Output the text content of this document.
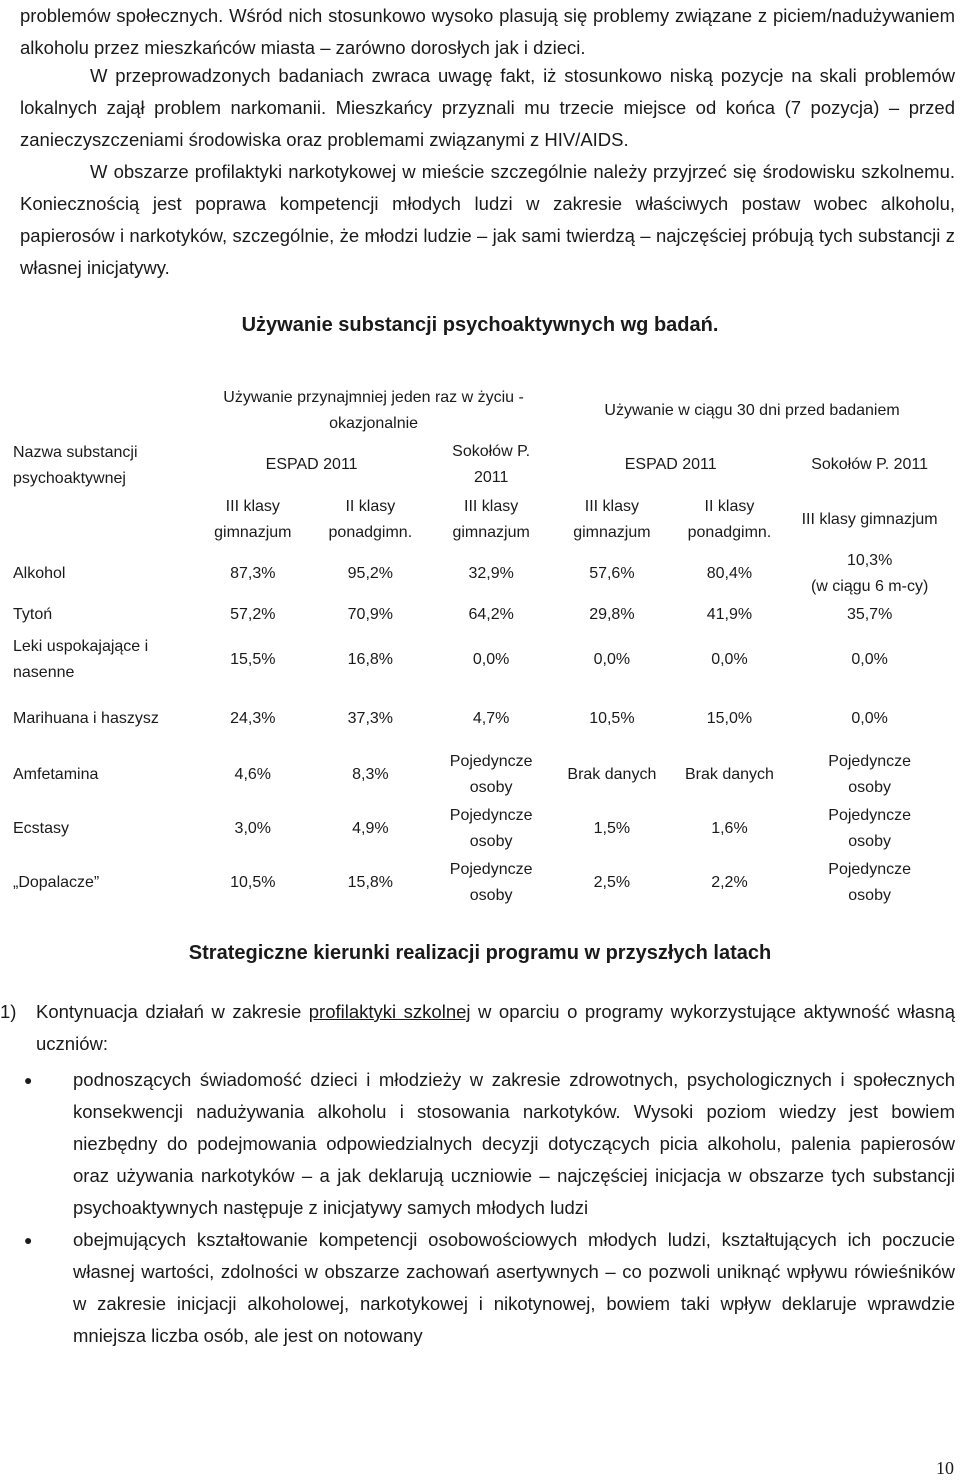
problemów społecznych. Wśród nich stosunkowo wysoko plasują się problemy związane z piciem/nadużywaniem alkoholu przez mieszkańców miasta – zarówno dorosłych jak i dzieci.

W przeprowadzonych badaniach zwraca uwagę fakt, iż stosunkowo niską pozycje na skali problemów lokalnych zajął problem narkomanii. Mieszkańcy przyznali mu trzecie miejsce od końca (7 pozycja) – przed zanieczyszczeniami środowiska oraz problemami związanymi z HIV/AIDS.

W obszarze profilaktyki narkotykowej w mieście szczególnie należy przyjrzeć się środowisku szkolnemu. Koniecznością jest poprawa kompetencji młodych ludzi w zakresie właściwych postaw wobec alkoholu, papierosów i narkotyków, szczególnie, że młodzi ludzie – jak sami twierdzą – najczęściej próbują tych substancji z własnej inicjatywy.

Używanie substancji psychoaktywnych wg badań.

Nazwa substancji psychoaktywnej	Używanie przynajmniej jeden raz w życiu - okazjonalnie			Używanie w ciągu 30 dni przed badaniem		
	ESPAD 2011		Sokołów P. 2011	ESPAD 2011		Sokołów P. 2011
	III klasy gimnazjum	II klasy ponadgimn.	III klasy gimnazjum	III klasy gimnazjum	II klasy ponadgimn.	III klasy gimnazjum
Alkohol	87,3%	95,2%	32,9%	57,6%	80,4%	10,3%
(w ciągu 6 m-cy)
Tytoń	57,2%	70,9%	64,2%	29,8%	41,9%	35,7%
Leki uspokajające i nasenne	15,5%	16,8%	0,0%	0,0%	0,0%	0,0%
Marihuana i haszysz	24,3%	37,3%	4,7%	10,5%	15,0%	0,0%
Amfetamina	4,6%	8,3%	Pojedyncze osoby	Brak danych	Brak danych	Pojedyncze osoby
Ecstasy	3,0%	4,9%	Pojedyncze osoby	1,5%	1,6%	Pojedyncze osoby
„Dopalacze”	10,5%	15,8%	Pojedyncze osoby	2,5%	2,2%	Pojedyncze osoby

Strategiczne kierunki realizacji programu w przyszłych latach

1)	Kontynuacja działań w zakresie profilaktyki szkolnej w oparciu o programy wykorzystujące aktywność własną uczniów:
●	podnoszących świadomość dzieci i młodzieży w zakresie zdrowotnych, psychologicznych i społecznych konsekwencji nadużywania alkoholu i stosowania narkotyków. Wysoki poziom wiedzy jest bowiem niezbędny do podejmowania odpowiedzialnych decyzji dotyczących picia alkoholu, palenia papierosów oraz używania narkotyków – a jak deklarują uczniowie – najczęściej inicjacja w obszarze tych substancji psychoaktywnych następuje z inicjatywy samych młodych ludzi
●	obejmujących kształtowanie kompetencji osobowościowych młodych ludzi, kształtujących ich poczucie własnej wartości, zdolności w obszarze zachowań asertywnych – co pozwoli uniknąć wpływu rówieśników w zakresie inicjacji alkoholowej, narkotykowej i nikotynowej, bowiem taki wpływ deklaruje wprawdzie mniejsza liczba osób, ale jest on notowany
10
